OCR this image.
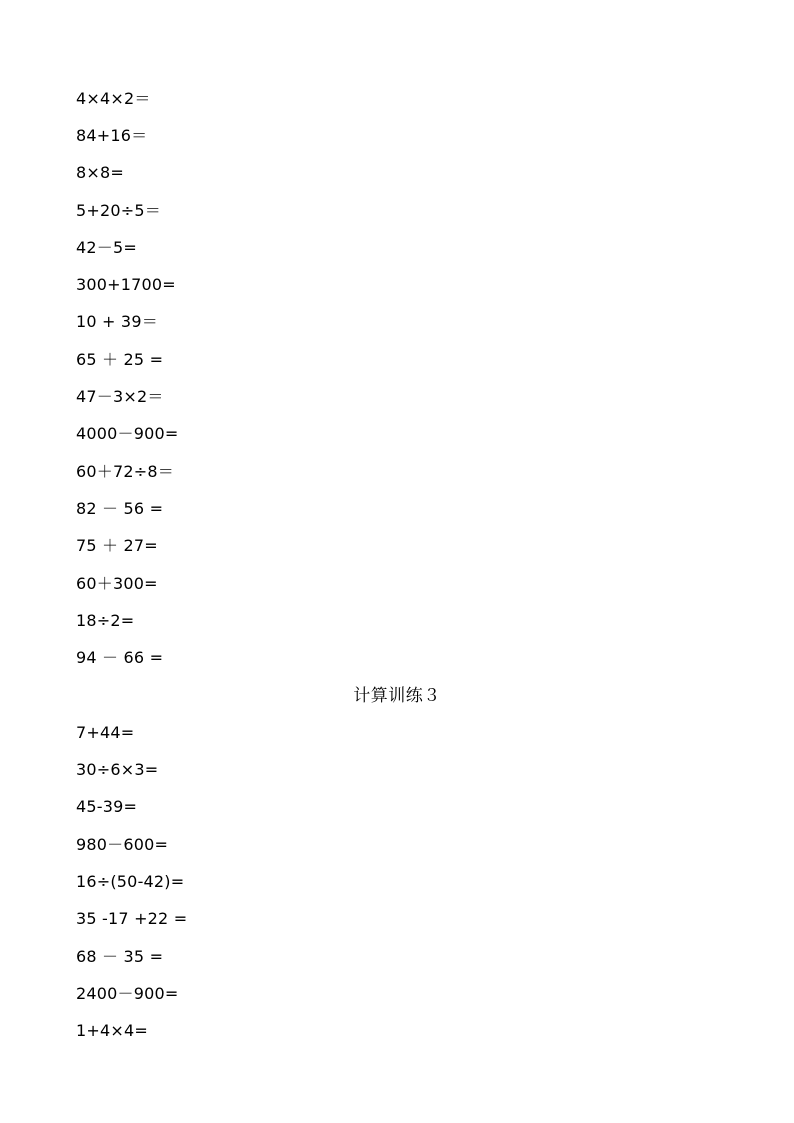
4×4×2＝
84+16＝
8×8=
5+20÷5＝
42－5=
300+1700=
10 + 39＝
65 ＋ 25 =
47－3×2＝
4000－900=
60＋72÷8＝
82 － 56 =
75 ＋ 27=
60＋300=
18÷2=
94 － 66 =
计算训练３
7+44=
30÷6×3=
45-39=
980－600=
16÷(50-42)=
35 -17 +22 =
68 － 35 =
2400－900=
1+4×4=
